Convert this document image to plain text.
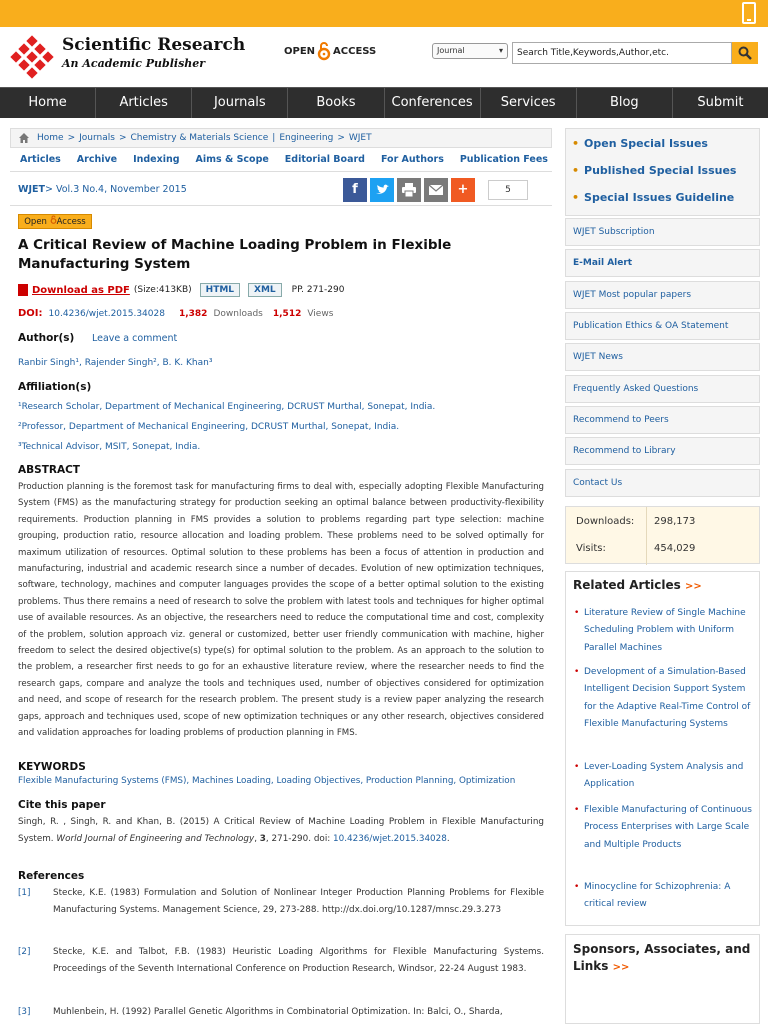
Scientific Research
An Academic Publisher
OPEN ACCESS	Journal	▾	Search Title,Keywords,Author,etc.
Home	Articles	Journals	Books	Conferences	Services	Blog	Submit
Home > Journals > Chemistry & Materials Science | Engineering > WJET
Articles Archive Indexing Aims & Scope Editorial Board For Authors Publication Fees
WJET> Vol.3 No.4, November 2015	f	+	5
Open Access
A Critical Review of Machine Loading Problem in Flexible Manufacturing System
Download as PDF (Size:413KB)	HTML	XML	PP. 271-290
DOI: 10.4236/wjet.2015.34028 1,382 Downloads 1,512 Views
Author(s) Leave a comment
Ranbir Singh¹, Rajender Singh², B. K. Khan³
Affiliation(s)
¹Research Scholar, Department of Mechanical Engineering, DCRUST Murthal, Sonepat, India.
²Professor, Department of Mechanical Engineering, DCRUST Murthal, Sonepat, India.
³Technical Advisor, MSIT, Sonepat, India.
ABSTRACT
Production planning is the foremost task for manufacturing firms to deal with, especially adopting Flexible Manufacturing System (FMS) as the manufacturing strategy for production seeking an optimal balance between productivity-flexibility requirements. Production planning in FMS provides a solution to problems regarding part type selection: machine grouping, production ratio, resource allocation and loading problem. These problems need to be solved optimally for maximum utilization of resources. Optimal solution to these problems has been a focus of attention in production and manufacturing, industrial and academic research since a number of decades. Evolution of new optimization techniques, software, technology, machines and computer languages provides the scope of a better optimal solution to the existing problems. Thus there remains a need of research to solve the problem with latest tools and techniques for higher optimal use of available resources. As an objective, the researchers need to reduce the computational time and cost, complexity of the problem, solution approach viz. general or customized, better user friendly communication with machine, higher freedom to select the desired objective(s) type(s) for optimal solution to the problem. As an approach to the solution to the problem, a researcher first needs to go for an exhaustive literature review, where the researcher needs to find the research gaps, compare and analyze the tools and techniques used, number of objectives considered for optimization and need, and scope of research for the research problem. The present study is a review paper analyzing the research gaps, approach and techniques used, scope of new optimization techniques or any other research, objectives considered and validation approaches for loading problems of production planning in FMS.
KEYWORDS
Flexible Manufacturing Systems (FMS), Machines Loading, Loading Objectives, Production Planning, Optimization
Cite this paper
Singh, R. , Singh, R. and Khan, B. (2015) A Critical Review of Machine Loading Problem in Flexible Manufacturing System. World Journal of Engineering and Technology, 3, 271-290. doi: 10.4236/wjet.2015.34028.
References
[1]	Stecke, K.E. (1983) Formulation and Solution of Nonlinear Integer Production Planning Problems for Flexible Manufacturing Systems. Management Science, 29, 273-288. http://dx.doi.org/10.1287/mnsc.29.3.273
[2]	Stecke, K.E. and Talbot, F.B. (1983) Heuristic Loading Algorithms for Flexible Manufacturing Systems. Proceedings of the Seventh International Conference on Production Research, Windsor, 22-24 August 1983.
[3]	Muhlenbein, H. (1992) Parallel Genetic Algorithms in Combinatorial Optimization. In: Balci, O., Sharda,
• Open Special Issues
• Published Special Issues
• Special Issues Guideline
WJET Subscription
E-Mail Alert
WJET Most popular papers
Publication Ethics & OA Statement
WJET News
Frequently Asked Questions
Recommend to Peers
Recommend to Library
Contact Us
Downloads: 298,173
Visits:	454,029
Related Articles >>
• Literature Review of Single Machine Scheduling Problem with Uniform Parallel Machines
• Development of a Simulation-Based Intelligent Decision Support System for the Adaptive Real-Time Control of Flexible Manufacturing Systems
• Lever-Loading System Analysis and Application
• Flexible Manufacturing of Continuous Process Enterprises with Large Scale and Multiple Products
• Minocycline for Schizophrenia: A critical review
Sponsors, Associates, and Links >>
